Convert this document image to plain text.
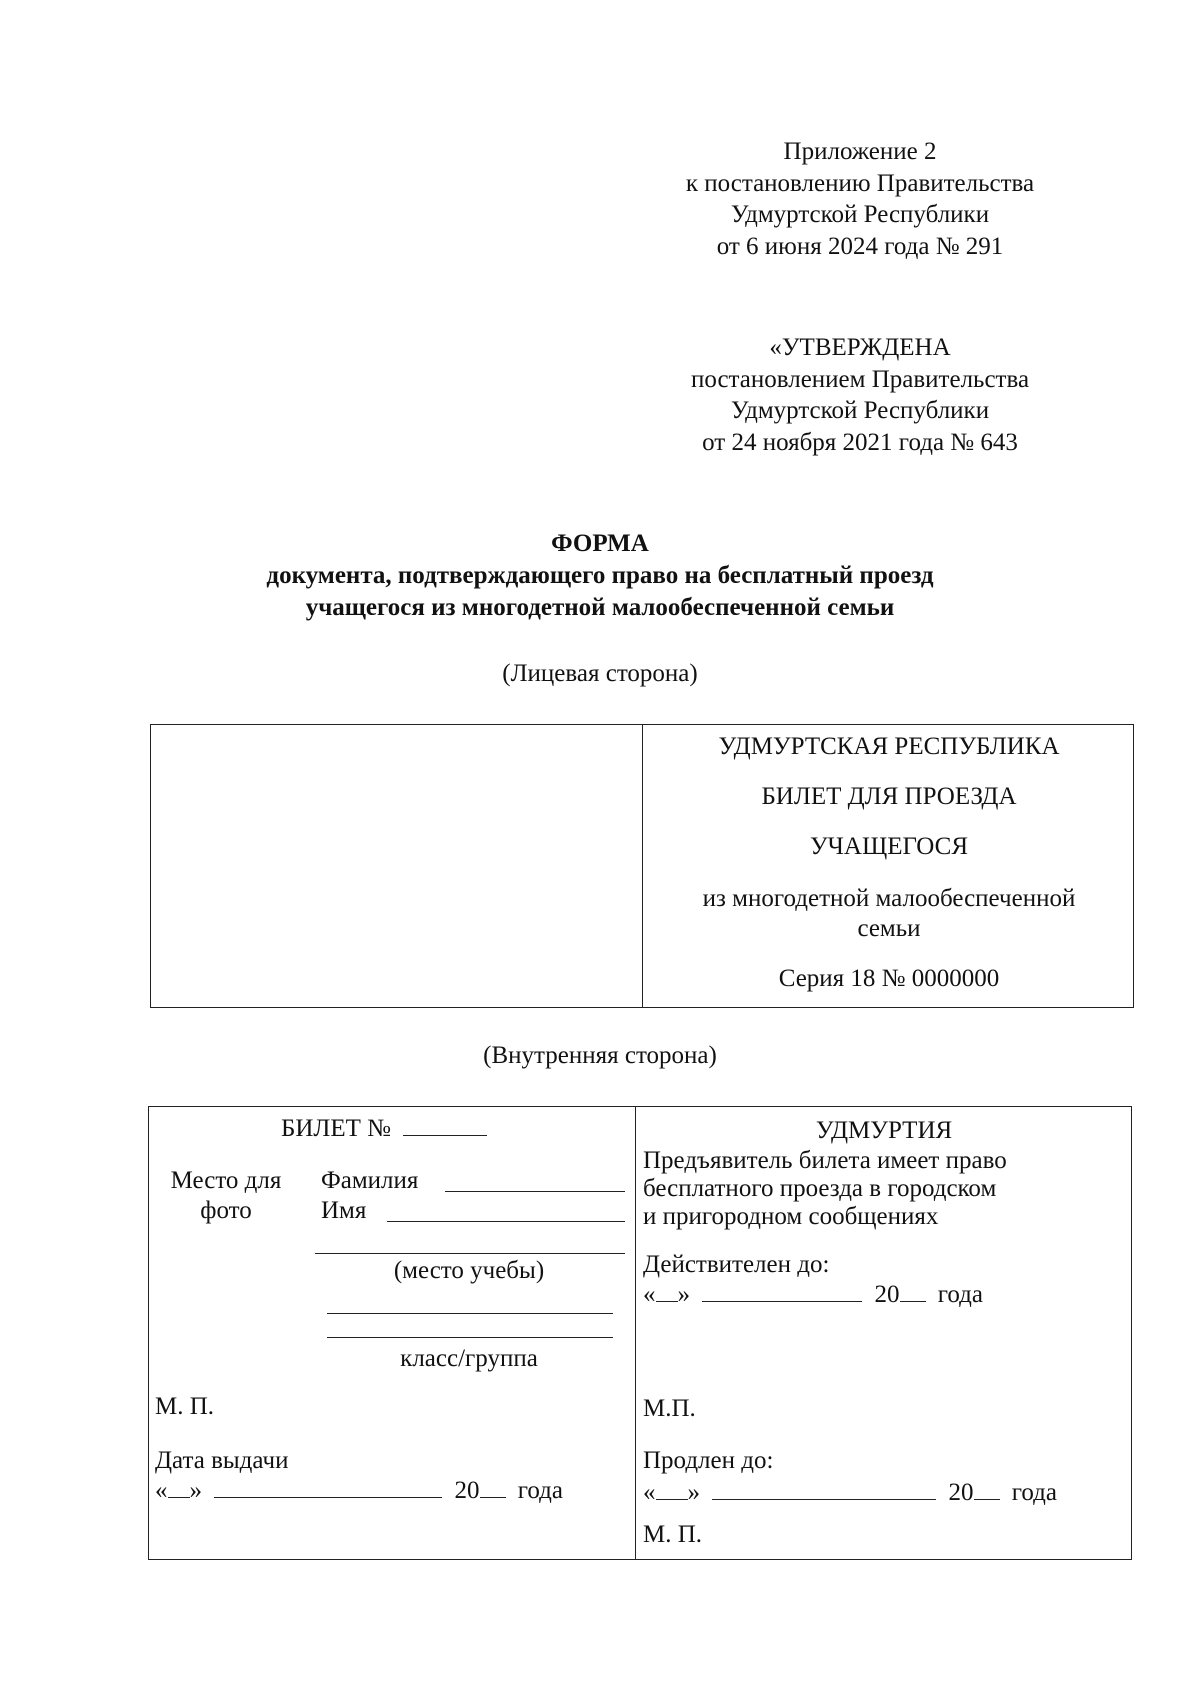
Приложение 2
к постановлению Правительства
Удмуртской Республики
от 6 июня 2024 года № 291
«УТВЕРЖДЕНА
постановлением Правительства
Удмуртской Республики
от 24 ноября 2021 года № 643
ФОРМА
документа, подтверждающего право на бесплатный проезд
учащегося из многодетной малообеспеченной семьи
(Лицевая сторона)
УДМУРТСКАЯ РЕСПУБЛИКА
БИЛЕТ ДЛЯ ПРОЕЗДА
УЧАЩЕГОСЯ
из многодетной малообеспеченной
семьи
Серия 18 № 0000000
(Внутренняя сторона)
БИЛЕТ №
Место для
фото
Фамилия
Имя
(место учебы)
класс/группа
М. П.
Дата выдачи
« »	20 года
УДМУРТИЯ
Предъявитель билета имеет право
бесплатного проезда в городском
и пригородном сообщениях
Действителен до:
« »	20 года
М.П.
Продлен до:
« »	20 года
М. П.
